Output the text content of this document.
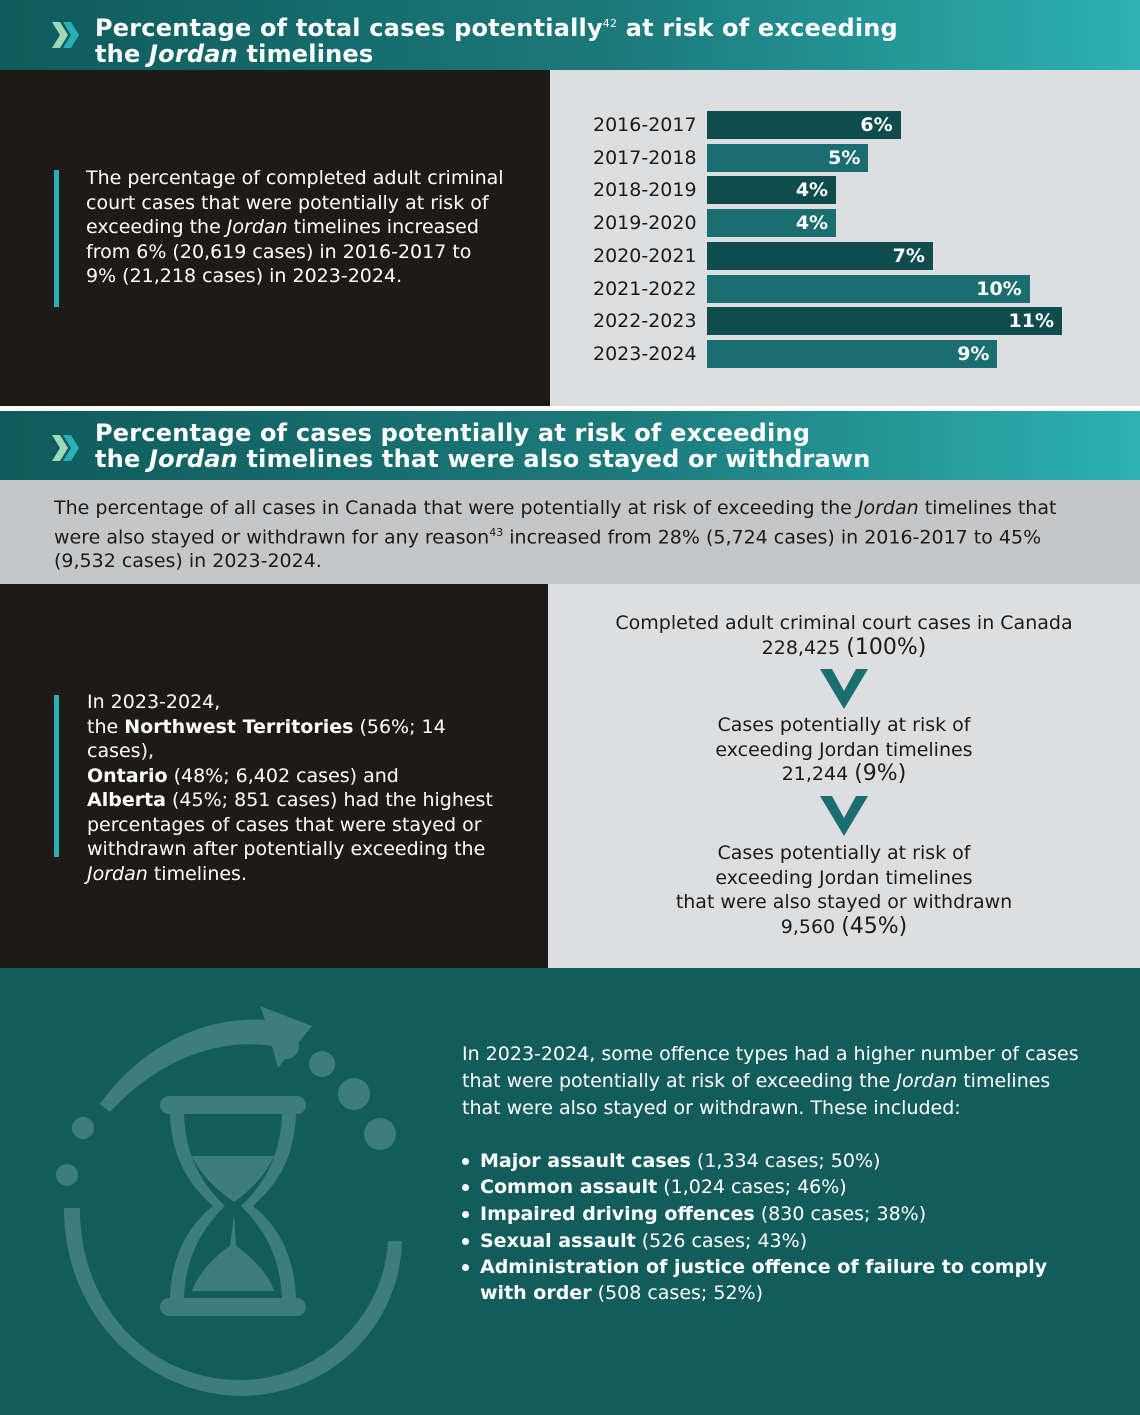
Percentage of total cases potentially$^{42}$ at risk of exceeding
the Jordan timelines
The percentage of completed adult criminal court cases that were potentially at risk of exceeding the Jordan timelines increased from 6% (20,619 cases) in 2016-2017 to 9% (21,218 cases) in 2023-2024.
2016-2017	6%
2017-2018	5%
2018-2019	4%
2019-2020	4%
2020-2021	7%
2021-2022	10%
2022-2023	11%
2023-2024	9%
Percentage of cases potentially at risk of exceeding
the Jordan timelines that were also stayed or withdrawn
The percentage of all cases in Canada that were potentially at risk of exceeding the Jordan timelines that were also stayed or withdrawn for any reason$^{43}$ increased from 28% (5,724 cases) in 2016-2017 to 45% (9,532 cases) in 2023-2024.
In 2023-2024,
the Northwest Territories (56%; 14 cases),
Ontario (48%; 6,402 cases) and
Alberta (45%; 851 cases) had the highest percentages of cases that were stayed or withdrawn after potentially exceeding the Jordan timelines.
Completed adult criminal court cases in Canada
228,425 (100%)
Cases potentially at risk of
exceeding Jordan timelines
21,244 (9%)
Cases potentially at risk of
exceeding Jordan timelines
that were also stayed or withdrawn
9,560 (45%)
In 2023-2024, some offence types had a higher number of cases that were potentially at risk of exceeding the Jordan timelines that were also stayed or withdrawn. These included:
Major assault cases (1,334 cases; 50%)
Common assault (1,024 cases; 46%)
Impaired driving offences (830 cases; 38%)
Sexual assault (526 cases; 43%)
Administration of justice offence of failure to comply
with order (508 cases; 52%)
